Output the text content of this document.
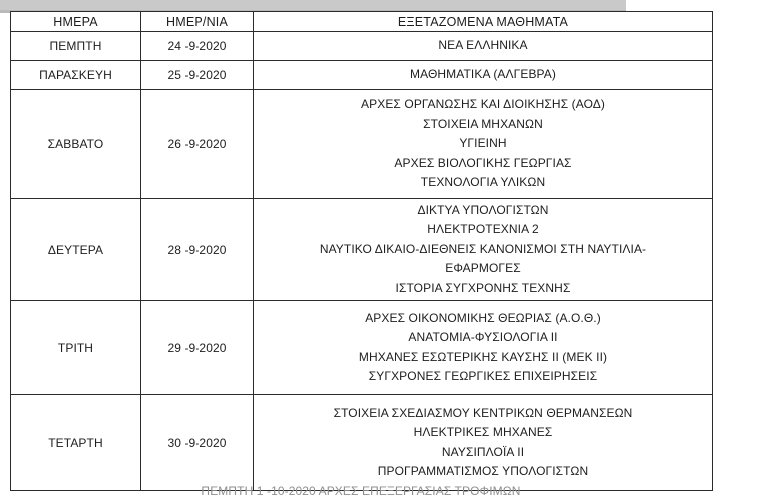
ΗΜΕΡΑ	ΗΜΕΡ/ΝΙΑ	ΕΞΕΤΑΖΟΜΕΝΑ ΜΑΘΗΜΑΤΑ
ΠΕΜΠΤΗ	24 -9-2020	ΝΕΑ ΕΛΛΗΝΙΚΑ

ΠΑΡΑΣΚΕΥΗ	25 -9-2020	ΜΑΘΗΜΑΤΙΚΑ (ΑΛΓΕΒΡΑ)

ΣΑΒΒΑΤΟ	26 -9-2020	ΑΡΧΕΣ ΟΡΓΑΝΩΣΗΣ ΚΑΙ ΔΙΟΙΚΗΣΗΣ (ΑΟΔ)
ΣΤΟΙΧΕΙΑ ΜΗΧΑΝΩΝ
ΥΓΙΕΙΝΗ
ΑΡΧΕΣ ΒΙΟΛΟΓΙΚΗΣ ΓΕΩΡΓΙΑΣ
ΤΕΧΝΟΛΟΓΙΑ ΥΛΙΚΩΝ

ΔΕΥΤΕΡΑ	28 -9-2020	ΔΙΚΤΥΑ ΥΠΟΛΟΓΙΣΤΩΝ
ΗΛΕΚΤΡΟΤΕΧΝΙΑ 2
ΝΑΥΤΙΚΟ ΔΙΚΑΙΟ-ΔΙΕΘΝΕΙΣ ΚΑΝΟΝΙΣΜΟΙ ΣΤΗ ΝΑΥΤΙΛΙΑ-
ΕΦΑΡΜΟΓΕΣ
ΙΣΤΟΡΙΑ ΣΥΓΧΡΟΝΗΣ ΤΕΧΝΗΣ

ΤΡΙΤΗ	29 -9-2020	ΑΡΧΕΣ ΟΙΚΟΝΟΜΙΚΗΣ ΘΕΩΡΙΑΣ (Α.Ο.Θ.)
ΑΝΑΤΟΜΙΑ-ΦΥΣΙΟΛΟΓΙΑ ΙΙ
ΜΗΧΑΝΕΣ ΕΣΩΤΕΡΙΚΗΣ ΚΑΥΣΗΣ ΙΙ (ΜΕΚ ΙΙ)
ΣΥΓΧΡΟΝΕΣ ΓΕΩΡΓΙΚΕΣ ΕΠΙΧΕΙΡΗΣΕΙΣ

ΤΕΤΑΡΤΗ	30 -9-2020	ΣΤΟΙΧΕΙΑ ΣΧΕΔΙΑΣΜΟΥ ΚΕΝΤΡΙΚΩΝ ΘΕΡΜΑΝΣΕΩΝ
ΗΛΕΚΤΡΙΚΕΣ ΜΗΧΑΝΕΣ
ΝΑΥΣΙΠΛΟΪΑ ΙΙ
ΠΡΟΓΡΑΜΜΑΤΙΣΜΟΣ ΥΠΟΛΟΓΙΣΤΩΝ
ΠΕΜΠΤΗ 1 -10-2020 ΑΡΧΕΣ ΕΠΕΞΕΡΓΑΣΙΑΣ ΤΡΟΦΙΜΩΝ
